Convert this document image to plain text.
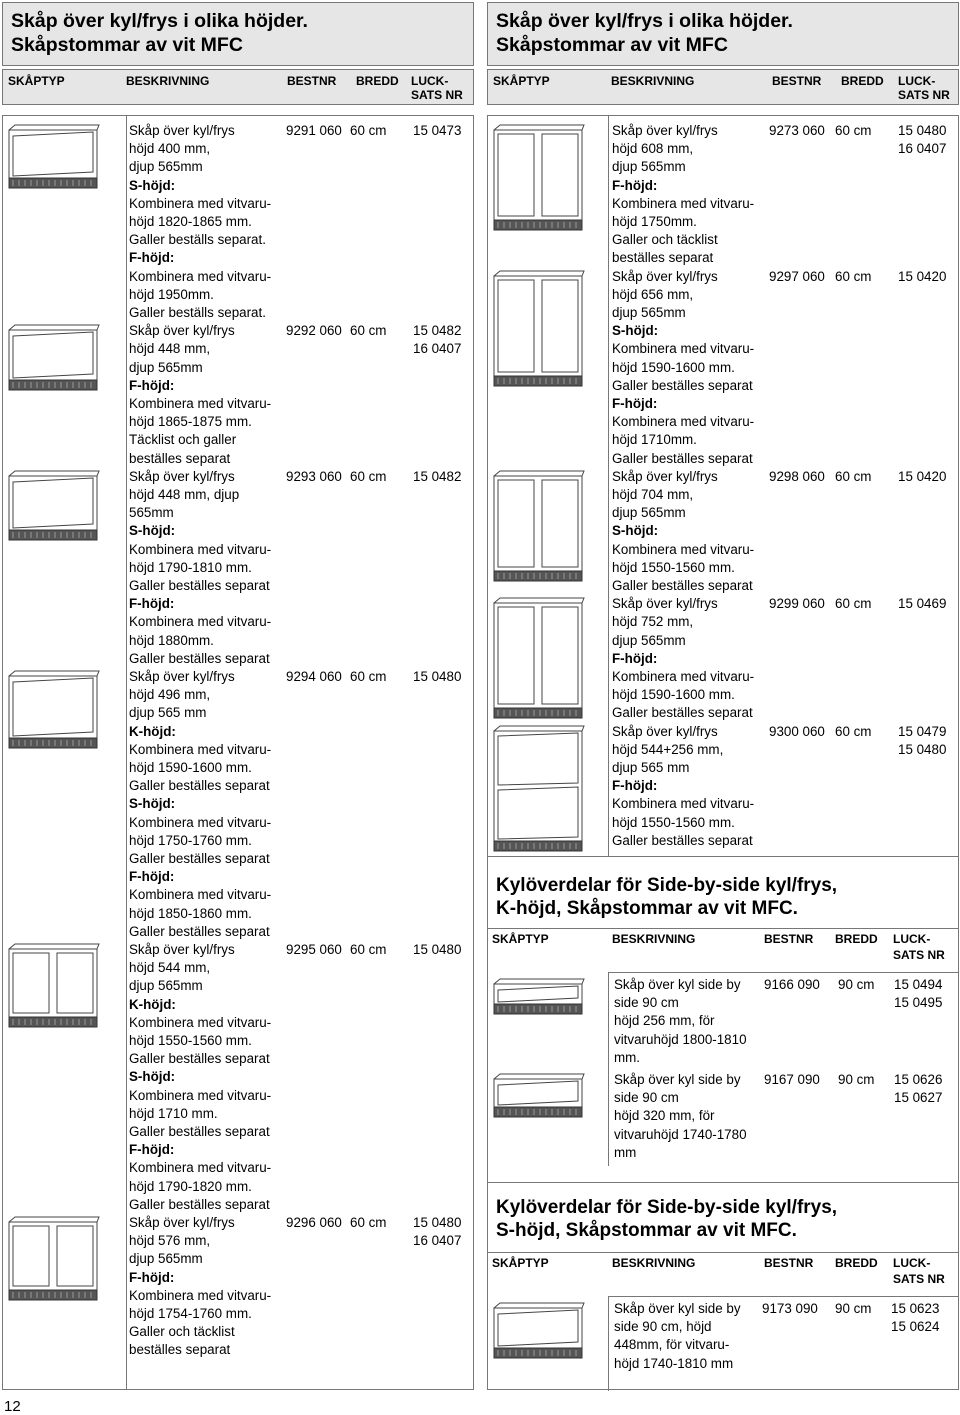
Skåp över kyl/frys i olika höjder.
Skåpstommar av vit MFC
SKÅPTYP	BESKRIVNING	BESTNR BREDD LUCK-
SATS NR
Skåp över kyl/frys
höjd 400 mm,
djup 565mm
S-höjd:
Kombinera med vitvaru-
höjd 1820-1865 mm.
Galler beställs separat.
F-höjd:
Kombinera med vitvaru-
höjd 1950mm.
Galler beställs separat.
9291 060 60 cm 15 0473
Skåp över kyl/frys
höjd 448 mm,
djup 565mm
F-höjd:
Kombinera med vitvaru-
höjd 1865-1875 mm.
Täcklist och galler
beställes separat
9292 060 60 cm 15 0482
16 0407
Skåp över kyl/frys
höjd 448 mm, djup
565mm
S-höjd:
Kombinera med vitvaru-
höjd 1790-1810 mm.
Galler beställes separat
F-höjd:
Kombinera med vitvaru-
höjd 1880mm.
Galler beställes separat
9293 060 60 cm 15 0482
Skåp över kyl/frys
höjd 496 mm,
djup 565 mm
K-höjd:
Kombinera med vitvaru-
höjd 1590-1600 mm.
Galler beställes separat
S-höjd:
Kombinera med vitvaru-
höjd 1750-1760 mm.
Galler beställes separat
F-höjd:
Kombinera med vitvaru-
höjd 1850-1860 mm.
Galler beställes separat
9294 060 60 cm 15 0480
Skåp över kyl/frys
höjd 544 mm,
djup 565mm
K-höjd:
Kombinera med vitvaru-
höjd 1550-1560 mm.
Galler beställes separat
S-höjd:
Kombinera med vitvaru-
höjd 1710 mm.
Galler beställes separat
F-höjd:
Kombinera med vitvaru-
höjd 1790-1820 mm.
Galler beställes separat
9295 060 60 cm 15 0480
Skåp över kyl/frys
höjd 576 mm,
djup 565mm
F-höjd:
Kombinera med vitvaru-
höjd 1754-1760 mm.
Galler och täcklist
beställes separat
9296 060 60 cm 15 0480
16 0407
Skåp över kyl/frys i olika höjder.
Skåpstommar av vit MFC
SKÅPTYP	BESKRIVNING	BESTNR BREDD LUCK-
SATS NR
Skåp över kyl/frys
höjd 608 mm,
djup 565mm
F-höjd:
Kombinera med vitvaru-
höjd 1750mm.
Galler och täcklist
beställes separat
9273 060 60 cm 15 0480
16 0407
Skåp över kyl/frys
höjd 656 mm,
djup 565mm
S-höjd:
Kombinera med vitvaru-
höjd 1590-1600 mm.
Galler beställes separat
F-höjd:
Kombinera med vitvaru-
höjd 1710mm.
Galler beställes separat
9297 060 60 cm 15 0420
Skåp över kyl/frys
höjd 704 mm,
djup 565mm
S-höjd:
Kombinera med vitvaru-
höjd 1550-1560 mm.
Galler beställes separat
9298 060 60 cm 15 0420
Skåp över kyl/frys
höjd 752 mm,
djup 565mm
F-höjd:
Kombinera med vitvaru-
höjd 1590-1600 mm.
Galler beställes separat
9299 060 60 cm 15 0469
Skåp över kyl/frys
höjd 544+256 mm,
djup 565 mm
F-höjd:
Kombinera med vitvaru-
höjd 1550-1560 mm.
Galler beställes separat
9300 060 60 cm 15 0479
15 0480
Kylöverdelar för Side-by-side kyl/frys,
K-höjd, Skåpstommar av vit MFC.
SKÅPTYP	BESKRIVNING	BESTNR BREDD LUCK-
SATS NR
Skåp över kyl side by
side 90 cm
höjd 256 mm, för
vitvaruhöjd 1800-1810
mm.
9166 090 90 cm 15 0494
15 0495
Skåp över kyl side by
side 90 cm
höjd 320 mm, för
vitvaruhöjd 1740-1780
mm
9167 090 90 cm 15 0626
15 0627
Kylöverdelar för Side-by-side kyl/frys,
S-höjd, Skåpstommar av vit MFC.
SKÅPTYP	BESKRIVNING	BESTNR BREDD LUCK-
SATS NR
Skåp över kyl side by
side 90 cm, höjd
448mm, för vitvaru-
höjd 1740-1810 mm
9173 090 90 cm 15 0623
15 0624
12
